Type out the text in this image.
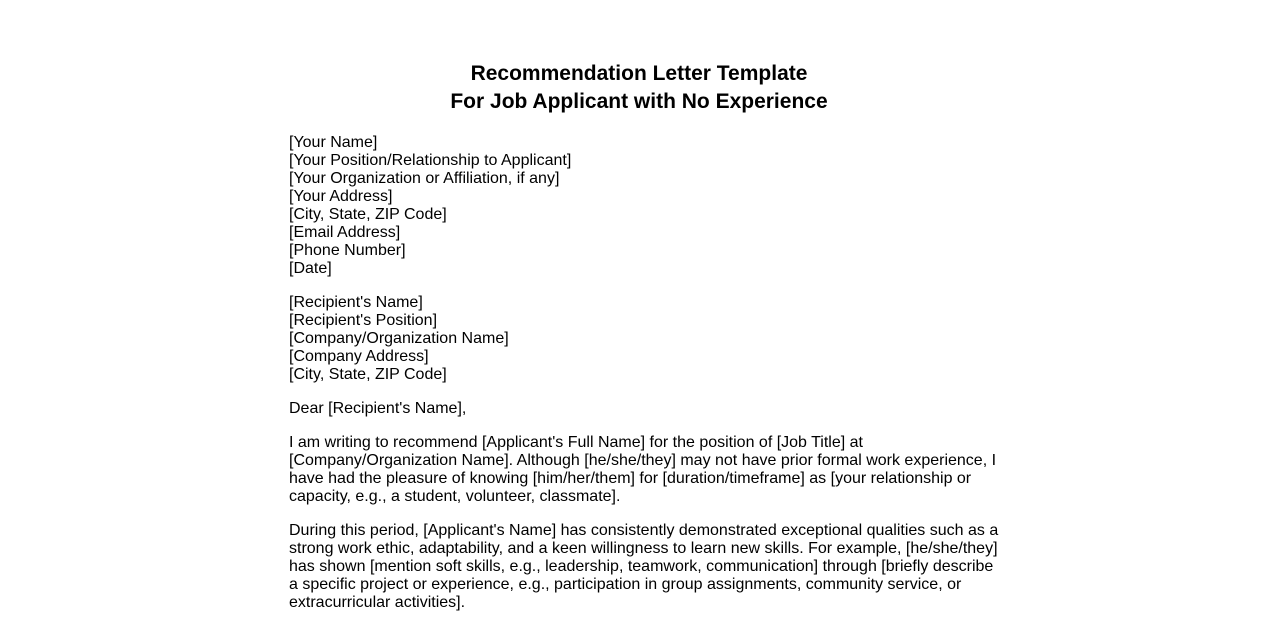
Recommendation Letter Template

For Job Applicant with No Experience

[Your Name]
[Your Position/Relationship to Applicant]
[Your Organization or Affiliation, if any]
[Your Address]
[City, State, ZIP Code]
[Email Address]
[Phone Number]
[Date]
[Recipient's Name]
[Recipient's Position]
[Company/Organization Name]
[Company Address]
[City, State, ZIP Code]

Dear [Recipient's Name],

I am writing to recommend [Applicant's Full Name] for the position of [Job Title] at [Company/Organization Name]. Although [he/she/they] may not have prior formal work experience, I have had the pleasure of knowing [him/her/them] for [duration/timeframe] as [your relationship or capacity, e.g., a student, volunteer, classmate].

During this period, [Applicant's Name] has consistently demonstrated exceptional qualities such as a strong work ethic, adaptability, and a keen willingness to learn new skills. For example, [he/she/they] has shown [mention soft skills, e.g., leadership, teamwork, communication] through [briefly describe a specific project or experience, e.g., participation in group assignments, community service, or extracurricular activities].
